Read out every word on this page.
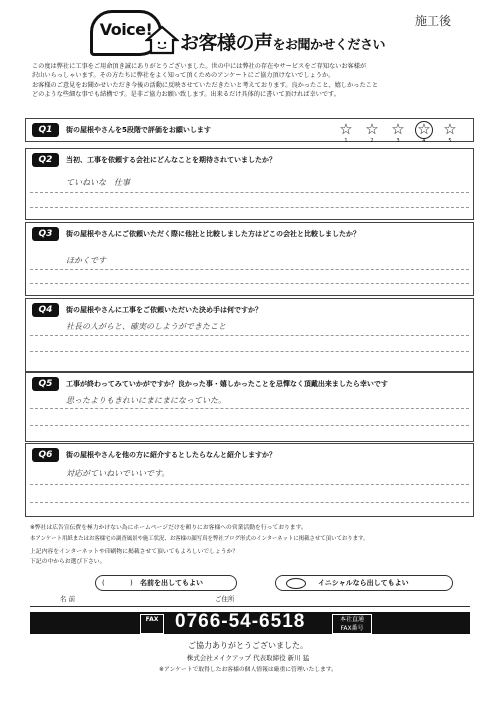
Voice!
お客様の声をお聞かせください
施工後
この度は弊社に工事をご用命頂き誠にありがとうございました。世の中には弊社の存在やサービスをご存知ないお客様が
沢山いらっしゃいます。その方たちに弊社をよく知って頂くためのアンケートにご協力頂けないでしょうか。
お客様のご意見をお聞かせいただき今後の活動に反映させていただきたいと考えております。良かったこと、嬉しかったこと
どのような些細な事でも結構です。是非ご協力お願い致します。出来るだけ具体的に書いて頂ければ幸いです。
Q1	街の屋根やさんを5段階で評価をお願いします	☆
1
☆
2
☆
3
☆
4
☆
5
Q2	当初、工事を依頼する会社にどんなことを期待されていましたか？
ていねいな　仕事
Q3	街の屋根やさんにご依頼いただく際に他社と比較しました方はどこの会社と比較しましたか？
ほかくです
Q4	街の屋根やさんに工事をご依頼いただいた決め手は何ですか？
社長の人がらと、確実のしようができたこと
Q5	工事が終わってみていかがですか？良かった事・嬉しかったことを忌憚なく頂戴出来ましたら幸いです
思ったよりもきれいにまにまになっていた。
Q6	街の屋根やさんを他の方に紹介するとしたらなんと紹介しますか？
対応がていねいでいいです。
※弊社は広告宣伝費を極力かけない為にホームページだけを頼りにお客様への営業活動を行っております。
本アンケート用紙またはお客様宅の調査風景や施工状況、お客様の顔写真を弊社ブログ形式のインターネットに掲載させて頂いております。
上記内容をインターネットや印刷物に掲載させて頂いてもよろしいでしょうか？
下記の中からお選び下さい。
(	) 名前を出してもよい	イニシャルなら出してもよい
名 前	ご住所
FAX 0766-54-6518	本社直通
FAX番号
ご協力ありがとうございました。
株式会社メイクアップ 代表取締役 新川 猛
※アンケートで取得したお客様の個人情報は厳重に管理いたします。
